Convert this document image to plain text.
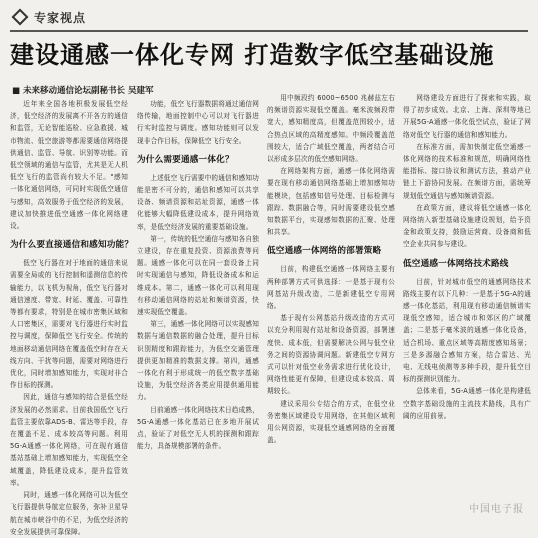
专家视点
建设通感一体化专网 打造数字低空基础设施
■ 未来移动通信论坛副秘书长 吴建军

近年来全国各地积极发展低空经济，低空经济的发展离不开各方的通信和监管，无论智能巡检、应急救援、城市物流、低空旅游等都需要通信网络提供通信、监管、导航、识别等功能。而低空领域的通信与监管，尤其是无人机低空飞行的监管尚有较大不足。"感知一体化通信网络，可同时实现低空通信与感知，高效服务于低空经济的发展，建议加快推进低空通感一体化网络建设。

为什么要直接通信和感知功能？

低空飞行器在对于地面的通信来说需要全局或的飞行控制和遥测信息的传输能力，以飞机为视角，低空飞行器对通信速度、带宽、时延、覆盖、可靠性等都有要求，特别是在城市密集区域和人口密集区，需要对飞行器进行实时监控与调度，保障低空飞行安全。传统的地面移动通信网络在覆盖低空时存在天线方向、干扰等问题，需要对网络进行优化，同时增加感知能力，实现对非合作目标的探测。

因此，通信与感知的结合是低空经济发展的必然需求。目前我国低空飞行监管主要依靠ADS-B、雷达等手段，存在覆盖不足、成本较高等问题。利用5G-A通感一体化网络，可在现有通信基站基础上增加感知能力，实现低空全域覆盖，降低建设成本，提升监管效率。

同时，通感一体化网络可以为低空飞行器提供导航定位服务，弥补卫星导航在城市峡谷中的不足，为低空经济的安全发展提供可靠保障。

功能，低空飞行器数据将通过通信网络传输，地面控制中心可以对飞行器进行实时监控与调度。感知功能则可以发现非合作目标，保障低空飞行安全。

为什么需要通感一体化？

上述低空飞行需要中的通信和感知功能是密不可分的，通信和感知可以共享设备、频谱资源和站址资源，通感一体化能够大幅降低建设成本，提升网络效率，是低空经济发展的重要基础设施。

第一，传统的低空通信与感知各自独立建设，存在重复投资、资源浪费等问题。通感一体化可以在同一套设备上同时实现通信与感知，降低设备成本和运维成本。第二，通感一体化可以利用现有移动通信网络的站址和频谱资源，快速实现低空覆盖。

第三，通感一体化网络可以实现感知数据与通信数据的融合处理，提升目标识别精度和跟踪能力，为低空交通管理提供更加精准的数据支撑。第四，通感一体化有利于形成统一的低空数字基础设施，为低空经济各类应用提供通用能力。

目前通感一体化网络技术日趋成熟，5G-A通感一体化基站已在多地开展试点，验证了对低空无人机的探测和跟踪能力，具备规模部署的条件。

用中频段约 6000~6500 兆赫兹左右的频谱资源实现低空覆盖。毫米波频段带宽大，感知精度高，但覆盖范围较小，适合热点区域的高精度感知。中频段覆盖范围较大，适合广域低空覆盖，两者结合可以形成多层次的低空感知网络。

在网络架构方面，通感一体化网络需要在现有移动通信网络基础上增加感知功能模块，包括感知信号处理、目标检测与跟踪、数据融合等，同时需要建设低空感知数据平台，实现感知数据的汇聚、处理和共享。

低空通感一体网络的部署策略

目前，构建低空通感一体网络主要有两种部署方式可供选择：一是基于现有公网基站升级改造，二是新建低空专用网络。

基于现有公网基站升级改造的方式可以充分利用现有站址和设备资源，部署速度快、成本低，但需要解决公网与低空业务之间的资源协调问题。新建低空专网方式可以针对低空业务需求进行优化设计，网络性能更有保障，但建设成本较高、周期较长。

建议采用公专结合的方式，在低空业务密集区域建设专用网络，在其他区域利用公网资源，实现低空通感网络的全面覆盖。

网络建设方面进行了探索和实践，取得了初步成效。北京、上海、深圳等地已开展5G-A通感一体化低空试点，验证了网络对低空飞行器的通信和感知能力。

在标准方面，需加快制定低空通感一体化网络的技术标准和规范，明确网络性能指标、接口协议和测试方法，推动产业链上下游协同发展。在频谱方面，需统筹规划低空通信与感知频谱资源。

在政策方面，建议将低空通感一体化网络纳入新型基础设施建设规划，给予资金和政策支持，鼓励运营商、设备商和低空企业共同参与建设。

低空通感一体网络技术路线

目前，针对城市低空的通感网络技术路线主要有以下几种：一是基于5G-A的通感一体化基站，利用现有移动通信频谱实现低空感知，适合城市和郊区的广域覆盖；二是基于毫米波的通感一体化设备，适合机场、重点区域等高精度感知场景；三是多源融合感知方案，结合雷达、光电、无线电侦测等多种手段，提升低空目标的探测识别能力。

总体来看，5G-A通感一体化是构建低空数字基础设施的主流技术路线，具有广阔的应用前景。

中国电子报
